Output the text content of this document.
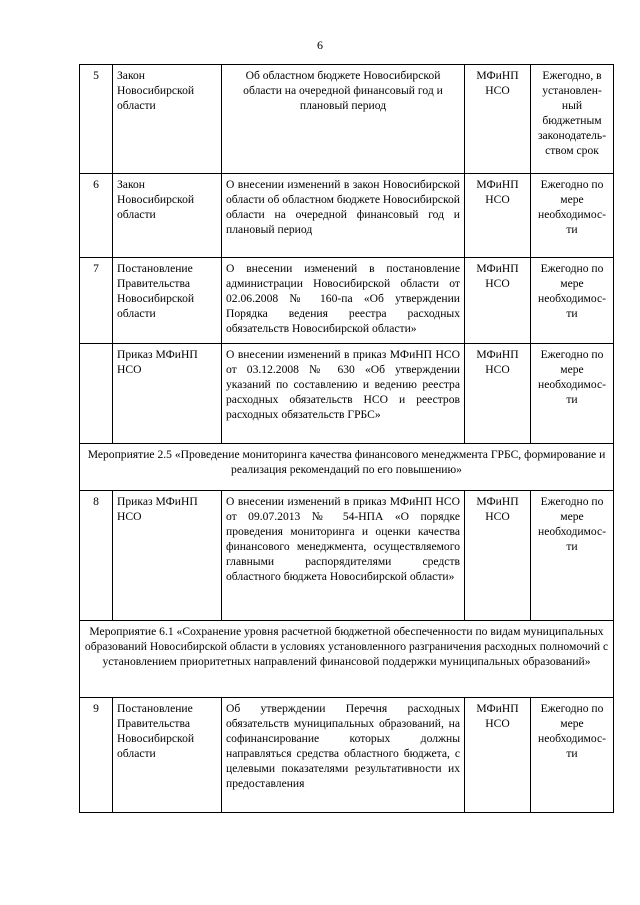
6
5	Закон Новосибирской области	Об областном бюджете Новосибирской области на очередной финансовый год и плановый период	МФиНП НСО	Ежегодно, в установлен-ный бюджетным законодатель-ством срок
6	Закон Новосибирской области	О внесении изменений в закон Новосибирской области об областном бюджете Новосибирской области на очередной финансовый год и плановый период	МФиНП НСО	Ежегодно по мере необходимос-ти
7	Постановление Правительства Новосибирской области	О внесении изменений в постановление администрации Новосибирской области от 02.06.2008 № 160-па «Об утверждении Порядка ведения реестра расходных обязательств Новосибирской области»	МФиНП НСО	Ежегодно по мере необходимос-ти
	Приказ МФиНП НСО	О внесении изменений в приказ МФиНП НСО от 03.12.2008 № 630 «Об утверждении указаний по составлению и ведению реестра расходных обязательств НСО и реестров расходных обязательств ГРБС»	МФиНП НСО	Ежегодно по мере необходимос-ти
Мероприятие 2.5 «Проведение мониторинга качества финансового менеджмента ГРБС, формирование и реализация рекомендаций по его повышению»				
8	Приказ МФиНП НСО	О внесении изменений в приказ МФиНП НСО от 09.07.2013 № 54-НПА «О порядке проведения мониторинга и оценки качества финансового менеджмента, осуществляемого главными распорядителями средств областного бюджета Новосибирской области»	МФиНП НСО	Ежегодно по мере необходимос-ти
Мероприятие 6.1 «Сохранение уровня расчетной бюджетной обеспеченности по видам муниципальных образований Новосибирской области в условиях установленного разграничения расходных полномочий с установлением приоритетных направлений финансовой поддержки муниципальных образований»				
9	Постановление Правительства Новосибирской области	Об утверждении Перечня расходных обязательств муниципальных образований, на софинансирование которых должны направляться средства областного бюджета, с целевыми показателями результативности их предоставления	МФиНП НСО	Ежегодно по мере необходимос-ти
